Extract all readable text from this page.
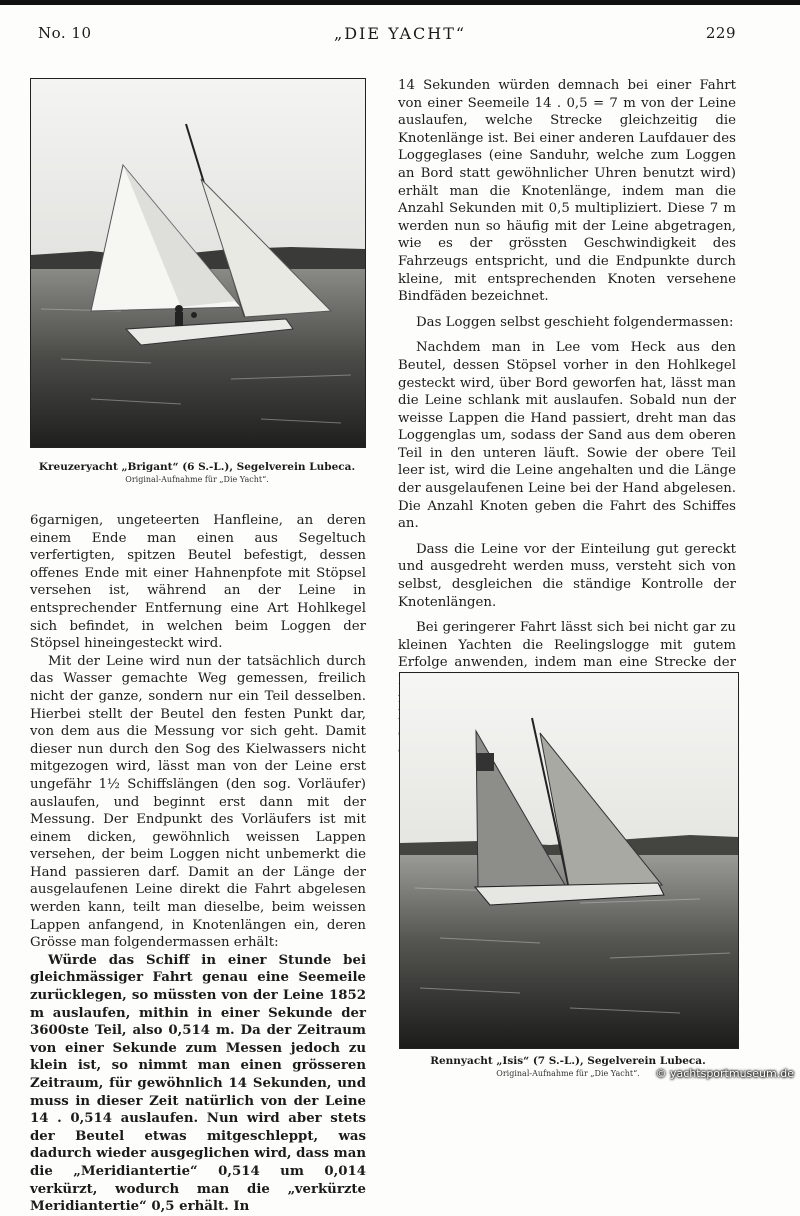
„DIE YACHT“
No. 10	229
Kreuzeryacht „Brigant“ (6 S.-L.), Segelverein Lubeca.
Original-Aufnahme für „Die Yacht“.

6garnigen, ungeteerten Hanfleine, an deren einem Ende man einen aus Segeltuch verfertigten, spitzen Beutel befestigt, dessen offenes Ende mit einer Hahnenpfote mit Stöpsel versehen ist, während an der Leine in entsprechender Entfernung eine Art Hohlkegel sich befindet, in welchen beim Loggen der Stöpsel hineingesteckt wird.

Mit der Leine wird nun der tatsächlich durch das Wasser gemachte Weg gemessen, freilich nicht der ganze, sondern nur ein Teil desselben. Hierbei stellt der Beutel den festen Punkt dar, von dem aus die Messung vor sich geht. Damit dieser nun durch den Sog des Kielwassers nicht mitgezogen wird, lässt man von der Leine erst ungefähr 1½ Schiffslängen (den sog. Vorläufer) auslaufen, und beginnt erst dann mit der Messung. Der Endpunkt des Vorläufers ist mit einem dicken, gewöhnlich weissen Lappen versehen, der beim Loggen nicht unbemerkt die Hand passieren darf. Damit an der Länge der ausgelaufenen Leine direkt die Fahrt abgelesen werden kann, teilt man dieselbe, beim weissen Lappen anfangend, in Knotenlängen ein, deren Grösse man folgendermassen erhält:

Würde das Schiff in einer Stunde bei gleichmässiger Fahrt genau eine Seemeile zurücklegen, so müssten von der Leine 1852 m auslaufen, mithin in einer Sekunde der 3600ste Teil, also 0,514 m. Da der Zeitraum von einer Sekunde zum Messen jedoch zu klein ist, so nimmt man einen grösseren Zeitraum, für gewöhnlich 14 Sekunden, und muss in dieser Zeit natürlich von der Leine 14 . 0,514 auslaufen. Nun wird aber stets der Beutel etwas mitgeschleppt, was dadurch wieder ausgeglichen wird, dass man die „Meridiantertie“ 0,514 um 0,014 verkürzt, wodurch man die „verkürzte Meridiantertie“ 0,5 erhält. In

14 Sekunden würden demnach bei einer Fahrt von einer Seemeile 14 . 0,5 = 7 m von der Leine auslaufen, welche Strecke gleichzeitig die Knotenlänge ist. Bei einer anderen Laufdauer des Loggeglases (eine Sanduhr, welche zum Loggen an Bord statt gewöhnlicher Uhren benutzt wird) erhält man die Knotenlänge, indem man die Anzahl Sekunden mit 0,5 multipliziert. Diese 7 m werden nun so häufig mit der Leine abgetragen, wie es der grössten Geschwindigkeit des Fahrzeugs entspricht, und die Endpunkte durch kleine, mit entsprechenden Knoten versehene Bindfäden bezeichnet.

Das Loggen selbst geschieht folgendermassen:

Nachdem man in Lee vom Heck aus den Beutel, dessen Stöpsel vorher in den Hohlkegel gesteckt wird, über Bord geworfen hat, lässt man die Leine schlank mit auslaufen. Sobald nun der weisse Lappen die Hand passiert, dreht man das Loggenglas um, sodass der Sand aus dem oberen Teil in den unteren läuft. Sowie der obere Teil leer ist, wird die Leine angehalten und die Länge der ausgelaufenen Leine bei der Hand abgelesen. Die Anzahl Knoten geben die Fahrt des Schiffes an.

Dass die Leine vor der Einteilung gut gereckt und ausgedreht werden muss, versteht sich von selbst, desgleichen die ständige Kontrolle der Knotenlängen.

Bei geringerer Fahrt lässt sich bei nicht gar zu kleinen Yachten die Reelingslogge mit gutem Erfolge anwenden, indem man eine Strecke der

Rennyacht „Isis“ (7 S.-L.), Segelverein Lubeca.
Original-Aufnahme für „Die Yacht“.	© yachtsportmuseum.de
